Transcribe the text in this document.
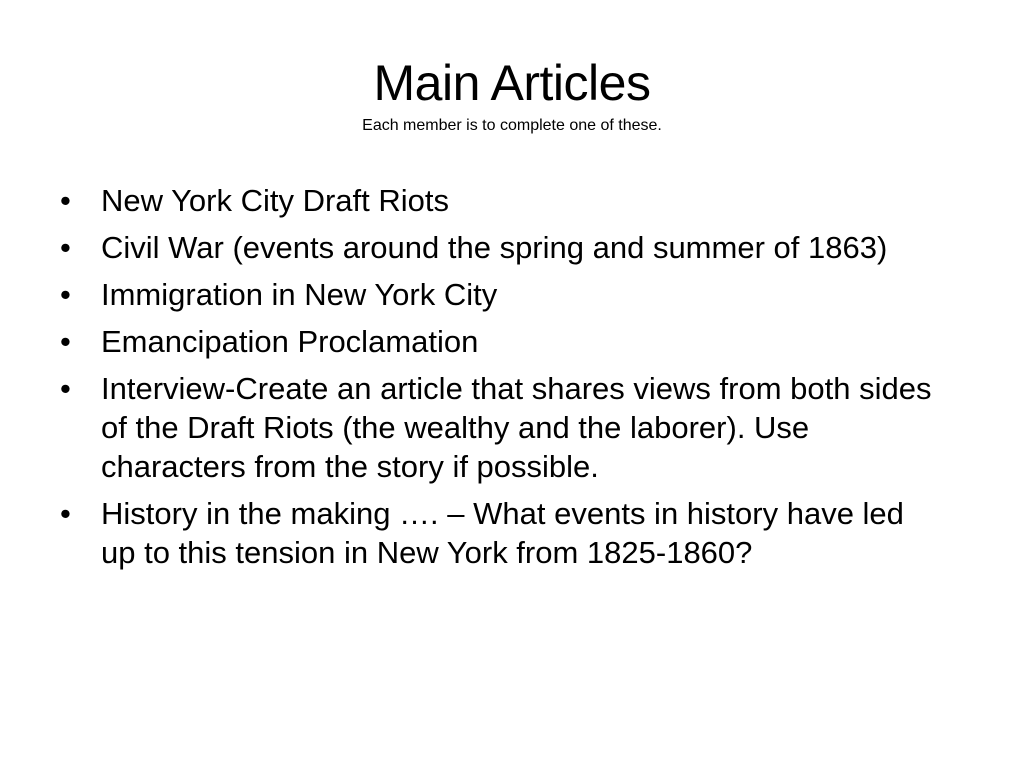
Main Articles
Each member is to complete one of these.
• New York City Draft Riots
• Civil War (events around the spring and summer of 1863)
• Immigration in New York City
• Emancipation Proclamation
• Interview-Create an article that shares views from both sides of the Draft Riots (the wealthy and the laborer). Use characters from the story if possible.
• History in the making …. – What events in history have led up to this tension in New York from 1825-1860?
